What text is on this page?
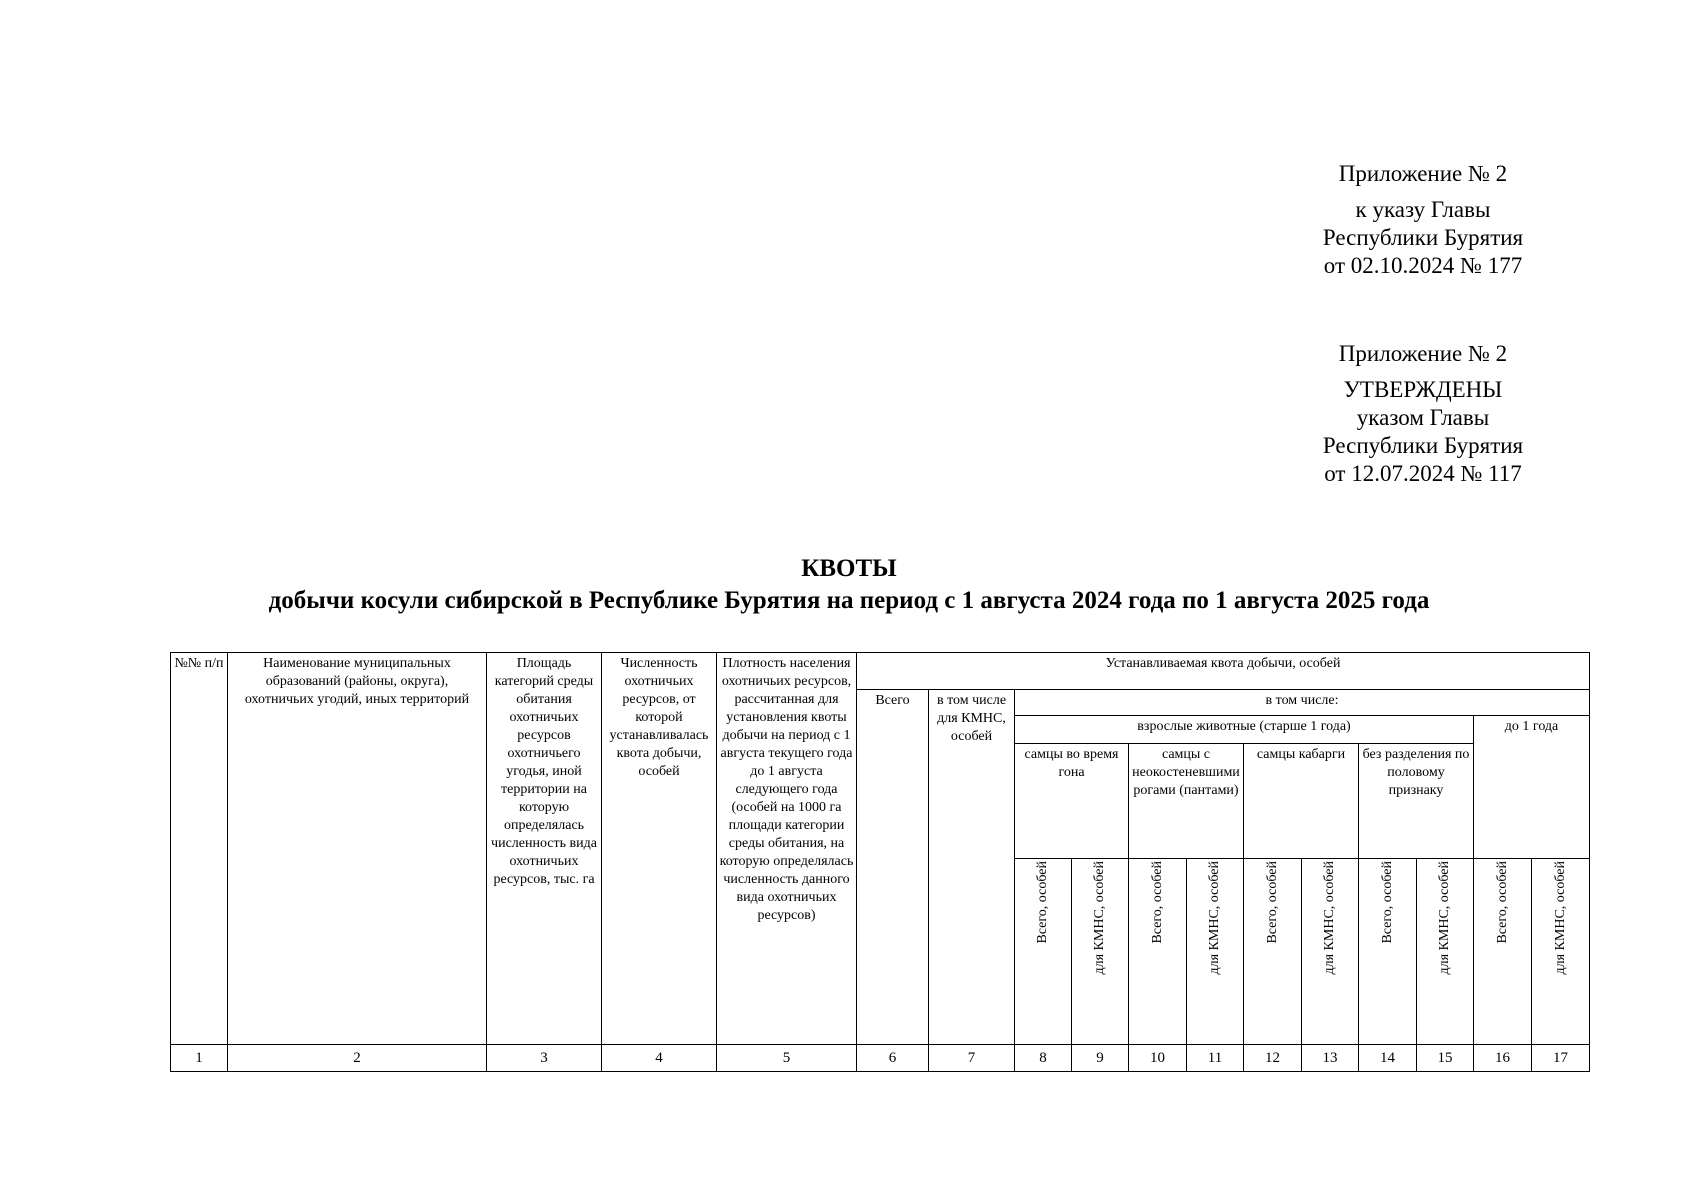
Приложение № 2
к указу Главы
Республики Бурятия
от 02.10.2024 № 177
Приложение № 2
УТВЕРЖДЕНЫ
указом Главы
Республики Бурятия
от 12.07.2024 № 117
КВОТЫ
добычи косули сибирской в Республике Бурятия на период с 1 августа 2024 года по 1 августа 2025 года
№№ п/п	Наименование муниципальных образований (районы, округа), охотничьих угодий, иных территорий	Площадь категорий среды обитания охотничьих ресурсов охотничьего угодья, иной территории на которую определялась численность вида охотничьих ресурсов, тыс. га	Численность охотничьих ресурсов, от которой устанавливалась квота добычи, особей	Плотность населения охотничьих ресурсов, рассчитанная для установления квоты добычи на период с 1 августа текущего года до 1 августа следующего года (особей на 1000 га площади категории среды обитания, на которую определялась численность данного вида охотничьих ресурсов)	Устанавливаемая квота добычи, особей											
					Всего	в том числе для КМНС, особей	в том числе:									
							взрослые животные (старше 1 года)								до 1 года	
							самцы во время гона		самцы с неокостеневшими рогами (пантами)		самцы кабарги		без разделения по половому признаку			
							Всего, особей	для КМНС, особей	Всего, особей	для КМНС, особей	Всего, особей	для КМНС, особей	Всего, особей	для КМНС, особей	Всего, особей	для КМНС, особей
1	2	3	4	5	6	7	8	9	10	11	12	13	14	15	16	17
